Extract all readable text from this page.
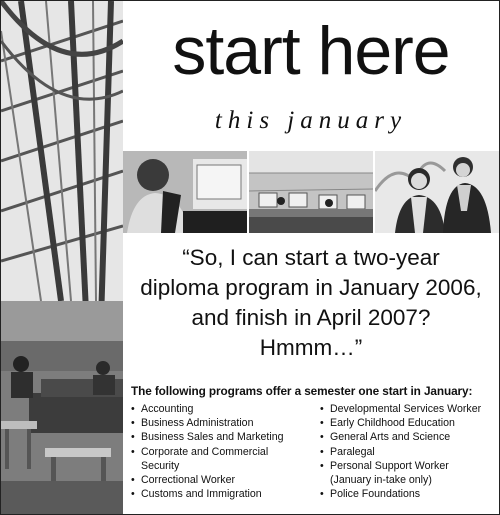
start here
this january
“So, I can start a two-year
diploma program in January 2006,
and finish in April 2007?
Hmmm…”
The following programs offer a semester one start in January:
• Accounting
• Business Administration
• Business Sales and Marketing
• Corporate and Commercial
Security
• Correctional Worker
• Customs and Immigration
• Developmental Services Worker
• Early Childhood Education
• General Arts and Science
• Paralegal
• Personal Support Worker
(January in-take only)
• Police Foundations
